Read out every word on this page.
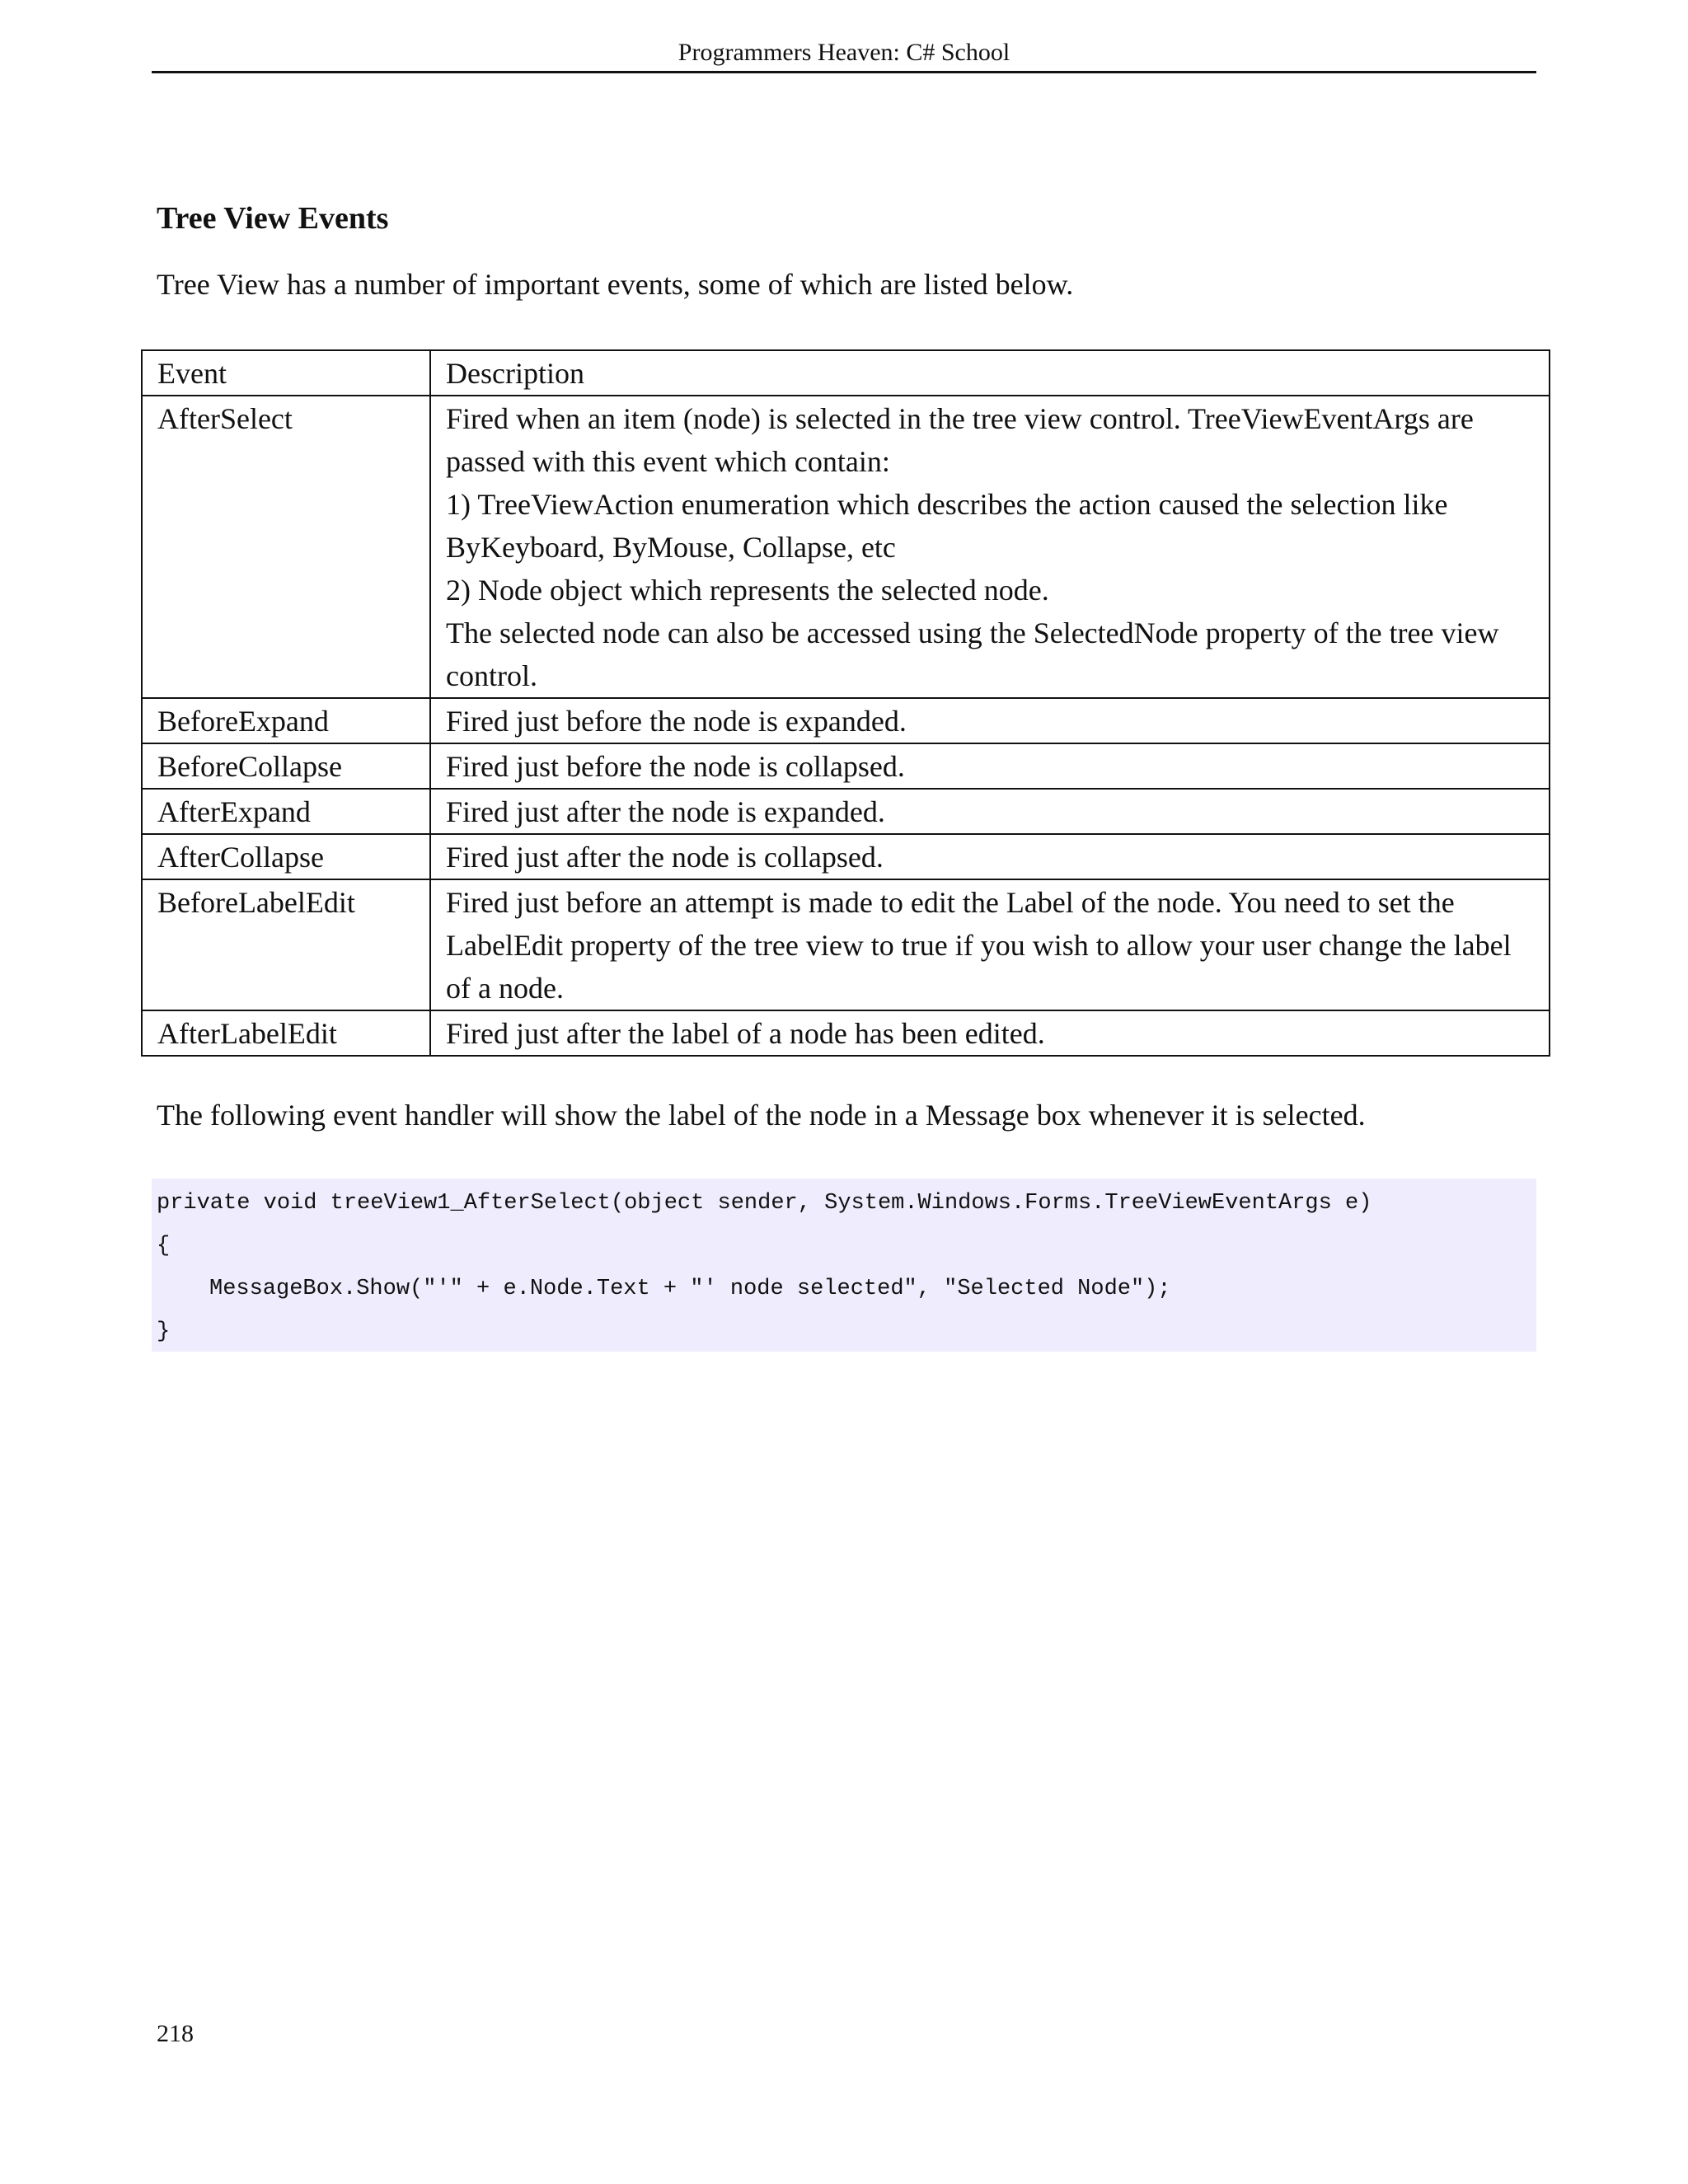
Programmers Heaven: C# School
Tree View Events

Tree View has a number of important events, some of which are listed below.

Event	Description
AfterSelect	Fired when an item (node) is selected in the tree view control. TreeViewEventArgs are passed with this event which contain:
1) TreeViewAction enumeration which describes the action caused the selection like ByKeyboard, ByMouse, Collapse, etc
2) Node object which represents the selected node.
The selected node can also be accessed using the SelectedNode property of the tree view control.

BeforeExpand	Fired just before the node is expanded.
BeforeCollapse	Fired just before the node is collapsed.
AfterExpand	Fired just after the node is expanded.
AfterCollapse	Fired just after the node is collapsed.
BeforeLabelEdit	Fired just before an attempt is made to edit the Label of the node. You need to set the LabelEdit property of the tree view to true if you wish to allow your user change the label of a node.
AfterLabelEdit	Fired just after the label of a node has been edited.

The following event handler will show the label of the node in a Message box whenever it is selected.

private void treeView1_AfterSelect(object sender, System.Windows.Forms.TreeViewEventArgs e)
{
MessageBox.Show("'" + e.Node.Text + "' node selected", "Selected Node");
}
218
